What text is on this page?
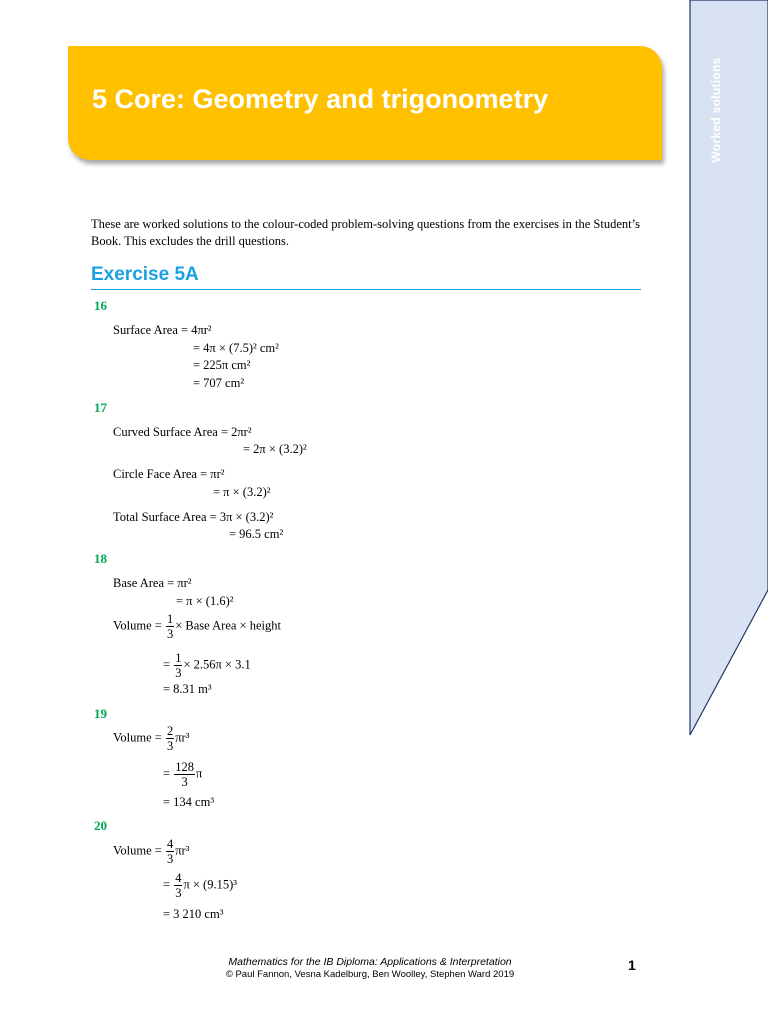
Worked solutions
5 Core: Geometry and trigonometry
These are worked solutions to the colour-coded problem-solving questions from the exercises in the Student’s Book. This excludes the drill questions.
Exercise 5A
16
Surface Area = 4πr²
= 4π × (7.5)² cm²
= 225π cm²
= 707 cm²
17
Curved Surface Area = 2πr²
= 2π × (3.2)²
Circle Face Area = πr²
= π × (3.2)²
Total Surface Area = 3π × (3.2)²
= 96.5 cm²
18
Base Area = πr²
= π × (1.6)²
Volume = $\frac{1}{3}$ × Base Area × height
= $\frac{1}{3} \times 2.56\pi \times 3.1$
= 8.31 m³
19
Volume = $\frac{2}{3} \pi r^3$
= $\frac{128}{3}$ π
= 134 cm³
20
Volume = $\frac{4}{3} \pi r^3$
= $\frac{4}{3}$ π × (9.15)³
= 3 210 cm³
Mathematics for the IB Diploma: Applications & Interpretation
© Paul Fannon, Vesna Kadelburg, Ben Woolley, Stephen Ward 2019
1
